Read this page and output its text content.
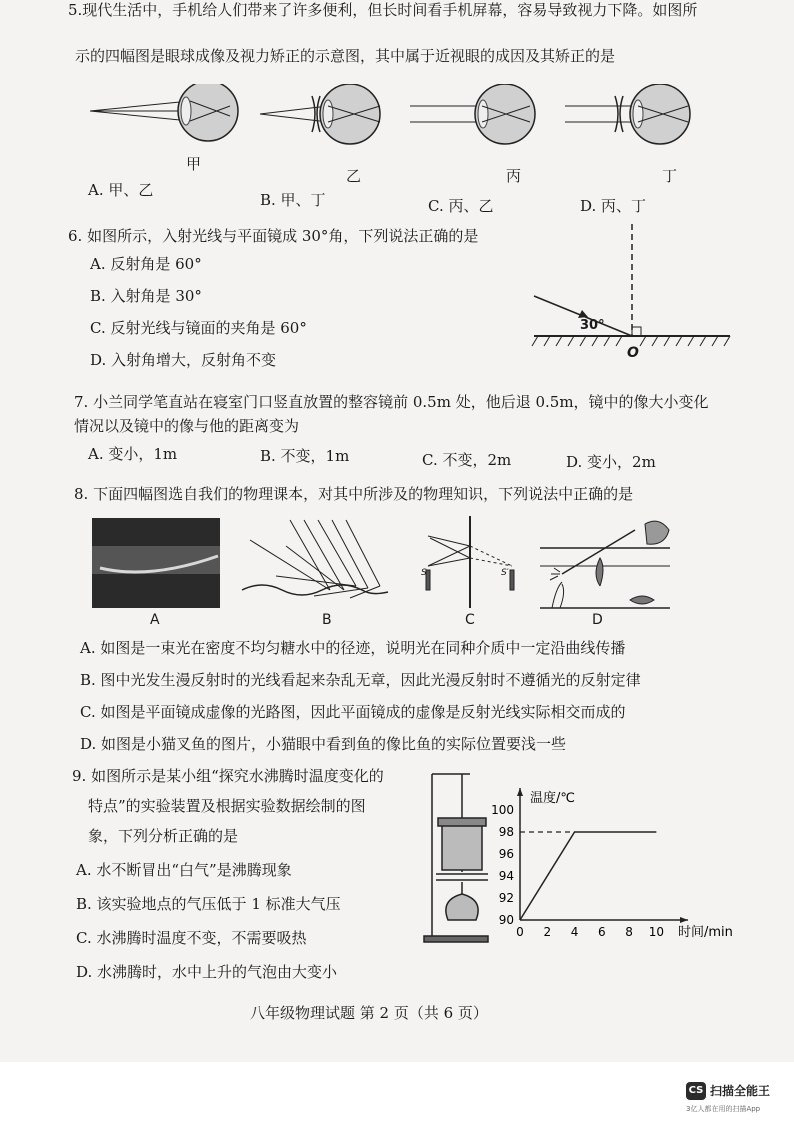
5.现代生活中，手机给人们带来了许多便利，但长时间看手机屏幕，容易导致视力下降。如图所
示的四幅图是眼球成像及视力矫正的示意图，其中属于近视眼的成因及其矫正的是
甲
乙	丙	丁
A. 甲、乙
B. 甲、丁	C. 丙、乙	D. 丙、丁
6. 如图所示，入射光线与平面镜成 30°角，下列说法正确的是
A. 反射角是 60°
B. 入射角是 30°
C. 反射光线与镜面的夹角是 60°
D. 入射角增大，反射角不变
30°
O
7. 小兰同学笔直站在寝室门口竖直放置的整容镜前 0.5m 处，他后退 0.5m，镜中的像大小变化
情况以及镜中的像与他的距离变为
A. 变小，1m	B. 不变，1m	C. 不变，2m	D. 变小，2m
8. 下面四幅图选自我们的物理课本，对其中所涉及的物理知识，下列说法中正确的是
A	B	C	D
S	S′
A. 如图是一束光在密度不均匀糖水中的径迹，说明光在同种介质中一定沿曲线传播
B. 图中光发生漫反射时的光线看起来杂乱无章，因此光漫反射时不遵循光的反射定律
C. 如图是平面镜成虚像的光路图，因此平面镜成的虚像是反射光线实际相交而成的
D. 如图是小猫叉鱼的图片，小猫眼中看到鱼的像比鱼的实际位置要浅一些
9. 如图所示是某小组“探究水沸腾时温度变化的
特点”的实验装置及根据实验数据绘制的图
象，下列分析正确的是
A. 水不断冒出“白气”是沸腾现象
B. 该实验地点的气压低于 1 标准大气压
C. 水沸腾时温度不变，不需要吸热
D. 水沸腾时，水中上升的气泡由大变小
0 2 4 6 8 10
90
92
94
96
98
100
温度/℃
时间/min
八年级物理试题 第 2 页（共 6 页）
CS 扫描全能王
3亿人都在用的扫描App
